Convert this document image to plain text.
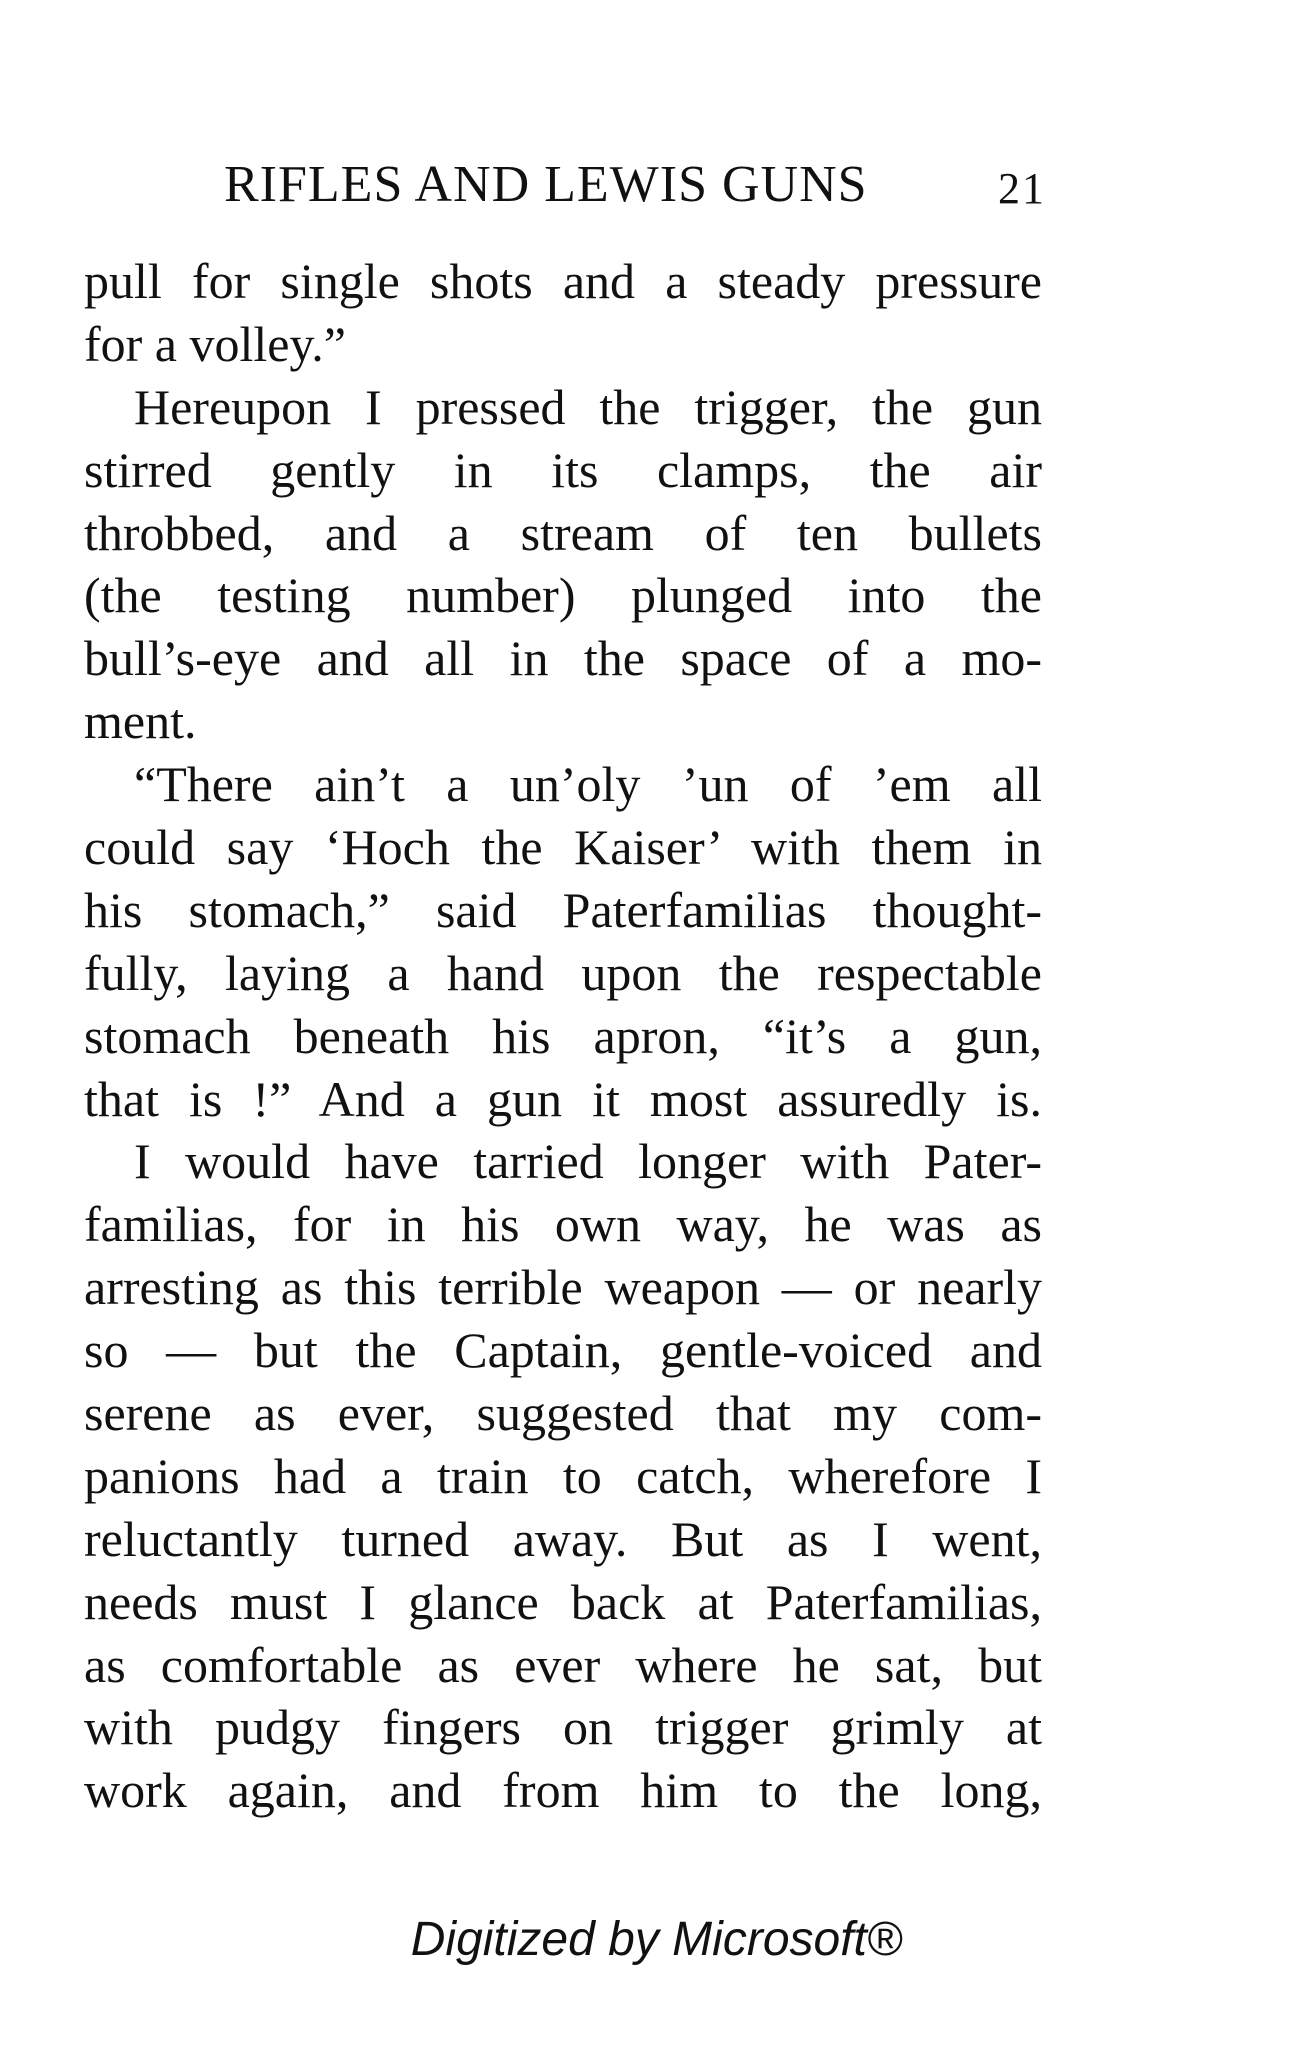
RIFLES AND LEWIS GUNS	21
pull for single shots and a steady pressure
for a volley.”
Hereupon I pressed the trigger, the gun
stirred gently in its clamps, the air
throbbed, and a stream of ten bullets
(the testing number) plunged into the
bull’s-eye and all in the space of a mo-
ment.
“There ain’t a un’oly ’un of ’em all
could say ‘Hoch the Kaiser’ with them in
his stomach,” said Paterfamilias thought-
fully, laying a hand upon the respectable
stomach beneath his apron, “it’s a gun,
that is !” And a gun it most assuredly is.
I would have tarried longer with Pater-
familias, for in his own way, he was as
arresting as this terrible weapon — or nearly
so — but the Captain, gentle-voiced and
serene as ever, suggested that my com-
panions had a train to catch, wherefore I
reluctantly turned away. But as I went,
needs must I glance back at Paterfamilias,
as comfortable as ever where he sat, but
with pudgy fingers on trigger grimly at
work again, and from him to the long,
Digitized by Microsoft®
